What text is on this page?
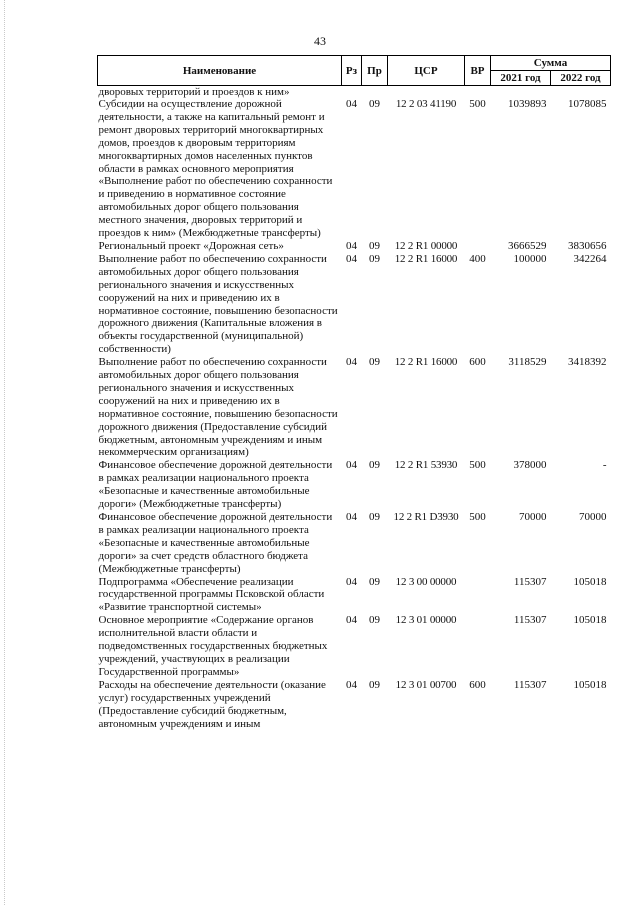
43
Наименование	Рз	Пр	ЦСР	ВР	Сумма	
					2021 год	2022 год
дворовых территорий и проездов к ним»						
Субсидии на осуществление дорожной деятельности, а также на капитальный ремонт и ремонт дворовых территорий многоквартирных домов, проездов к дворовым территориям многоквартирных домов населенных пунктов области в рамках основного мероприятия «Выполнение работ по обеспечению сохранности и приведению в нормативное состояние автомобильных дорог общего пользования местного значения, дворовых территорий и проездов к ним» (Межбюджетные трансферты)	04	09	12 2 03 41190	500	1039893	1078085
Региональный проект «Дорожная сеть»	04	09	12 2 R1 00000		3666529	3830656
Выполнение работ по обеспечению сохранности автомобильных дорог общего пользования регионального значения и искусственных сооружений на них и приведению их в нормативное состояние, повышению безопасности дорожного движения (Капитальные вложения в объекты государственной (муниципальной) собственности)	04	09	12 2 R1 16000	400	100000	342264
Выполнение работ по обеспечению сохранности автомобильных дорог общего пользования регионального значения и искусственных сооружений на них и приведению их в нормативное состояние, повышению безопасности дорожного движения (Предоставление субсидий бюджетным, автономным учреждениям и иным некоммерческим организациям)	04	09	12 2 R1 16000	600	3118529	3418392
Финансовое обеспечение дорожной деятельности в рамках реализации национального проекта «Безопасные и качественные автомобильные дороги» (Межбюджетные трансферты)	04	09	12 2 R1 53930	500	378000	-
Финансовое обеспечение дорожной деятельности в рамках реализации национального проекта «Безопасные и качественные автомобильные дороги» за счет средств областного бюджета (Межбюджетные трансферты)	04	09	12 2 R1 D3930	500	70000	70000
Подпрограмма «Обеспечение реализации государственной программы Псковской области «Развитие транспортной системы»	04	09	12 3 00 00000		115307	105018
Основное мероприятие «Содержание органов исполнительной власти области и подведомственных государственных бюджетных учреждений, участвующих в реализации Государственной программы»	04	09	12 3 01 00000		115307	105018
Расходы на обеспечение деятельности (оказание услуг) государственных учреждений (Предоставление субсидий бюджетным, автономным учреждениям и иным	04	09	12 3 01 00700	600	115307	105018
